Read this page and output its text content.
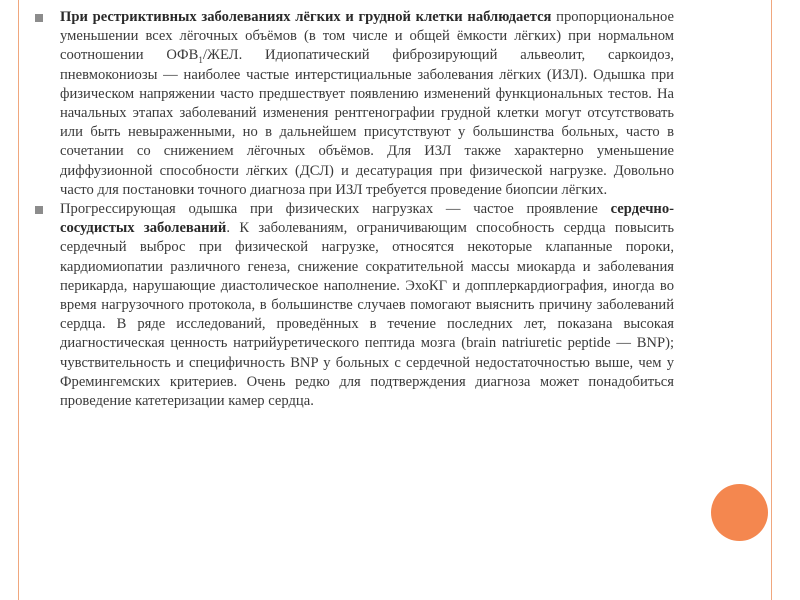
При рестриктивных заболеваниях лёгких и грудной клетки наблюдается пропорциональное уменьшении всех лёгочных объёмов (в том числе и общей ёмкости лёгких) при нормальном соотношении $ОФВ_1$/ЖЕЛ. Идиопатический фиброзирующий альвеолит, саркоидоз, пневмокониозы — наиболее частые интерстициальные заболевания лёгких (ИЗЛ). Одышка при физическом напряжении часто предшествует появлению изменений функциональных тестов. На начальных этапах заболеваний изменения рентгенографии грудной клетки могут отсутствовать или быть невыраженными, но в дальнейшем присутствуют у большинства больных, часто в сочетании со снижением лёгочных объёмов. Для ИЗЛ также характерно уменьшение диффузионной способности лёгких (ДСЛ) и десатурация при физической нагрузке. Довольно часто для постановки точного диагноза при ИЗЛ требуется проведение биопсии лёгких.

Прогрессирующая одышка при физических нагрузках — частое проявление сердечно-сосудистых заболеваний. К заболеваниям, ограничивающим способность сердца повысить сердечный выброс при физической нагрузке, относятся некоторые клапанные пороки, кардиомиопатии различного генеза, снижение сократительной массы миокарда и заболевания перикарда, нарушающие диастолическое наполнение. ЭхоКГ и допплеркардиография, иногда во время нагрузочного протокола, в большинстве случаев помогают выяснить причину заболеваний сердца. В ряде исследований, проведённых в течение последних лет, показана высокая диагностическая ценность натрийуретического пептида мозга (brain natriuretic peptide — BNP); чувствительность и специфичность BNP у больных с сердечной недостаточностью выше, чем у Фремингемских критериев. Очень редко для подтверждения диагноза может понадобиться проведение катетеризации камер сердца.
